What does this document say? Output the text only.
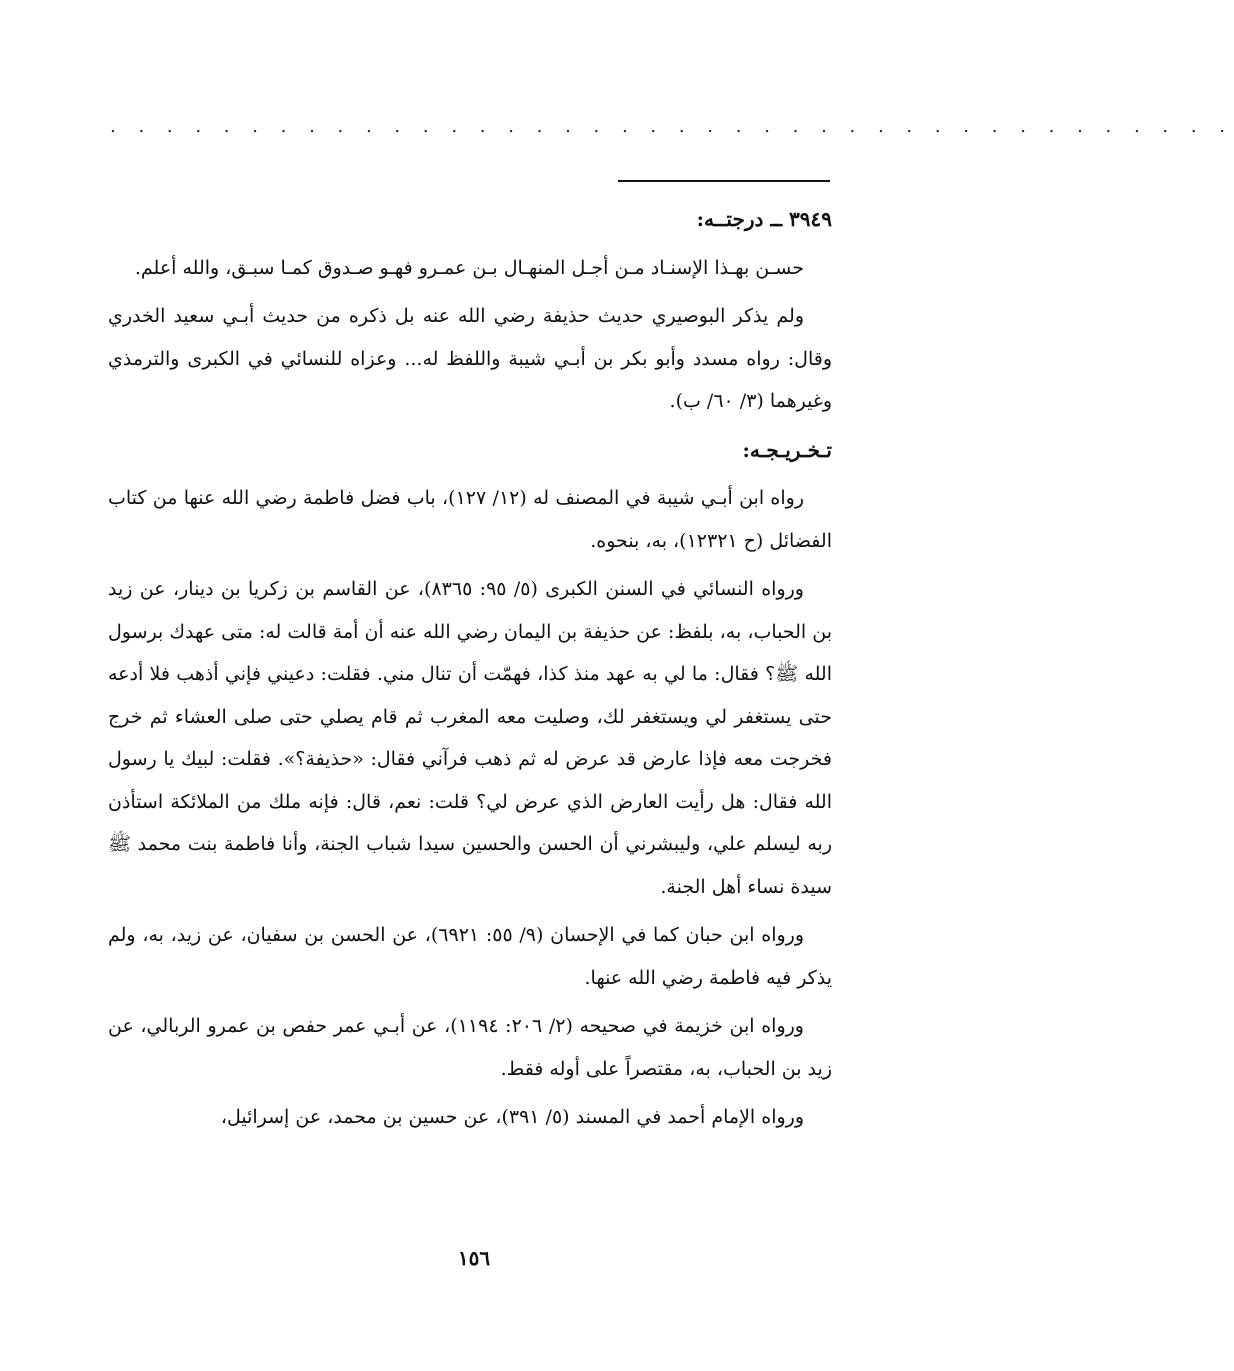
. . . . . . . . . . . . . . . . . . . . . . . . . . . . . . . . . . . . . . . .

٣٩٤٩ ــ درجتــه:

حسـن بهـذا الإسنـاد مـن أجـل المنهـال بـن عمـرو فهـو صـدوق كمـا سبـق، والله أعلم.

ولم يذكر البوصيري حديث حذيفة رضي الله عنه بل ذكره من حديث أبـي سعيد الخدري وقال: رواه مسدد وأبو بكر بن أبـي شيبة واللفظ له... وعزاه للنسائي في الكبرى والترمذي وغيرهما (٣/ ٦٠/ ب).

تـخـريـجـه:

رواه ابن أبـي شيبة في المصنف له (١٢/ ١٢٧)، باب فضل فاطمة رضي الله عنها من كتاب الفضائل (ح ١٢٣٢١)، به، بنحوه.

ورواه النسائي في السنن الكبرى (٥/ ٩٥: ٨٣٦٥)، عن القاسم بن زكريا بن دينار، عن زيد بن الحباب، به، بلفظ: عن حذيفة بن اليمان رضي الله عنه أن أمة قالت له: متى عهدك برسول الله ﷺ؟ فقال: ما لي به عهد منذ كذا، فهمّت أن تنال مني. فقلت: دعيني فإني أذهب فلا أدعه حتى يستغفر لي ويستغفر لك، وصليت معه المغرب ثم قام يصلي حتى صلى العشاء ثم خرج فخرجت معه فإذا عارض قد عرض له ثم ذهب فرآني فقال: «حذيفة؟». فقلت: لبيك يا رسول الله فقال: هل رأيت العارض الذي عرض لي؟ قلت: نعم، قال: فإنه ملك من الملائكة استأذن ربه ليسلم علي، وليبشرني أن الحسن والحسين سيدا شباب الجنة، وأنا فاطمة بنت محمد ﷺ سيدة نساء أهل الجنة.

ورواه ابن حبان كما في الإحسان (٩/ ٥٥: ٦٩٢١)، عن الحسن بن سفيان، عن زيد، به، ولم يذكر فيه فاطمة رضي الله عنها.

ورواه ابن خزيمة في صحيحه (٢/ ٢٠٦: ١١٩٤)، عن أبـي عمر حفص بن عمرو الربالي، عن زيد بن الحباب، به، مقتصراً على أوله فقط.

ورواه الإمام أحمد في المسند (٥/ ٣٩١)، عن حسين بن محمد، عن إسرائيل،

١٥٦
